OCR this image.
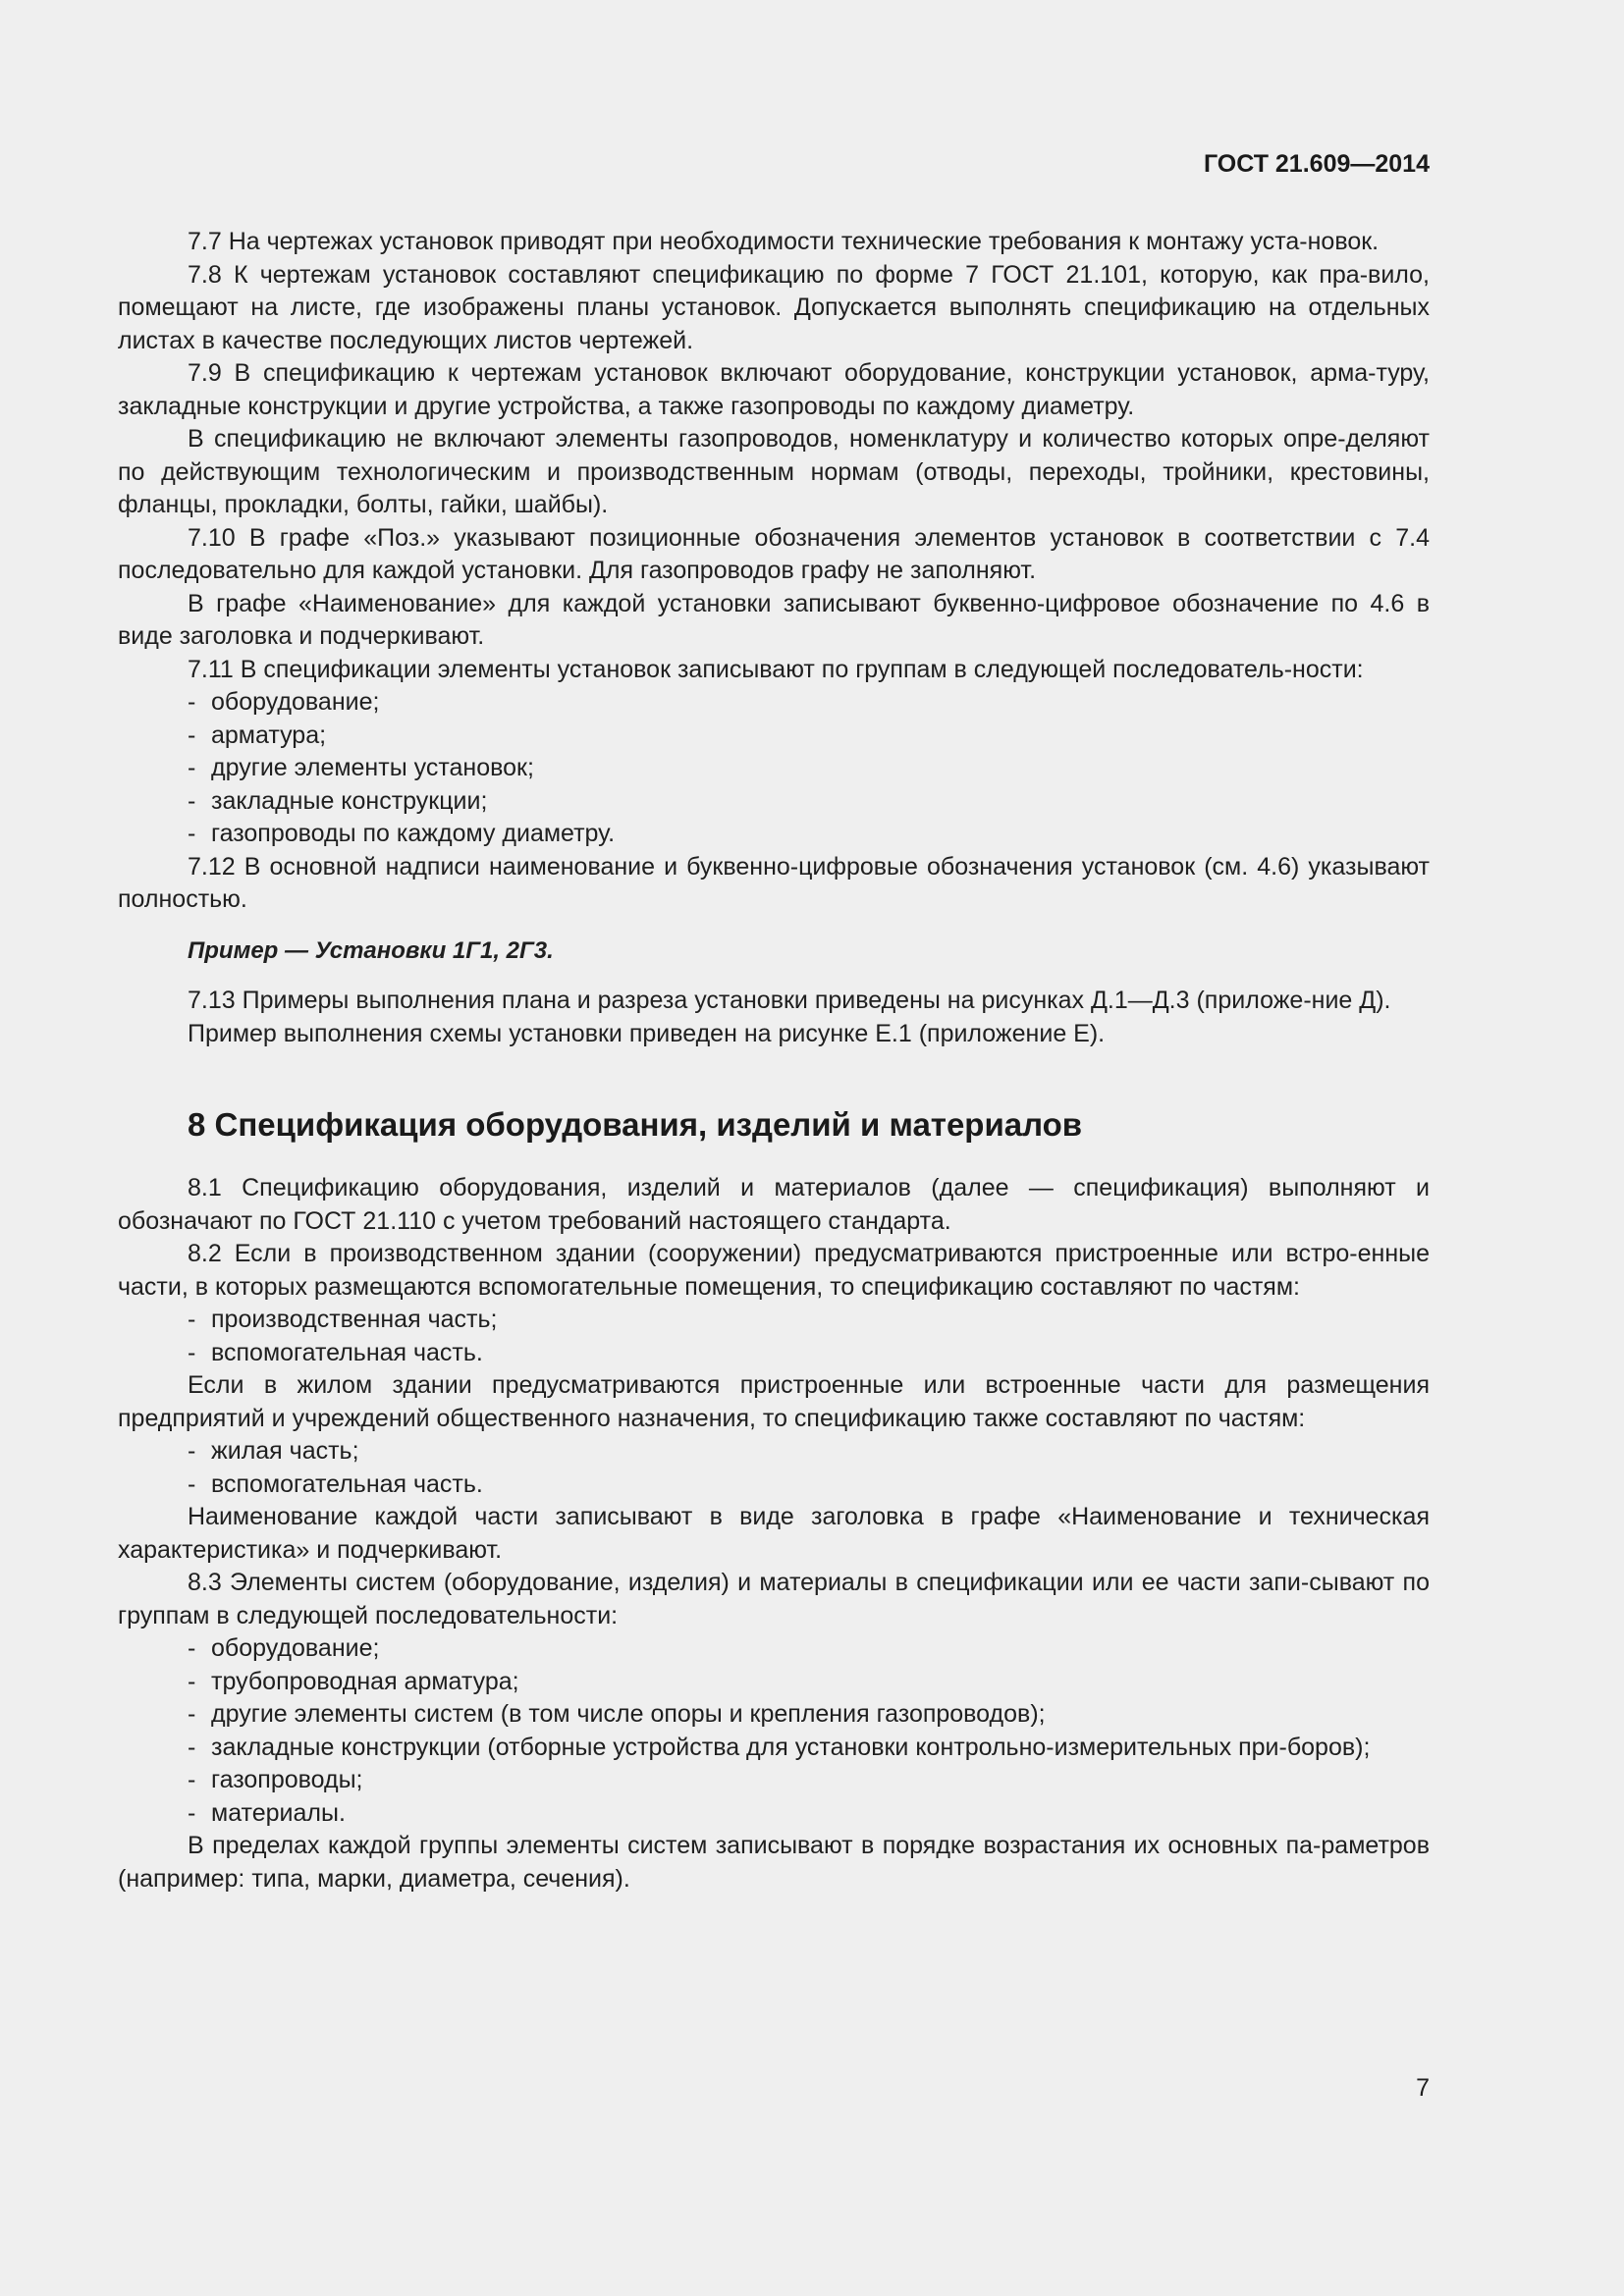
ГОСТ 21.609—2014

7.7 На чертежах установок приводят при необходимости технические требования к монтажу уста-новок.

7.8 К чертежам установок составляют спецификацию по форме 7 ГОСТ 21.101, которую, как пра-вило, помещают на листе, где изображены планы установок. Допускается выполнять спецификацию на отдельных листах в качестве последующих листов чертежей.

7.9 В спецификацию к чертежам установок включают оборудование, конструкции установок, арма-туру, закладные конструкции и другие устройства, а также газопроводы по каждому диаметру.

В спецификацию не включают элементы газопроводов, номенклатуру и количество которых опре-деляют по действующим технологическим и производственным нормам (отводы, переходы, тройники, крестовины, фланцы, прокладки, болты, гайки, шайбы).

7.10 В графе «Поз.» указывают позиционные обозначения элементов установок в соответствии с 7.4 последовательно для каждой установки. Для газопроводов графу не заполняют.

В графе «Наименование» для каждой установки записывают буквенно-цифровое обозначение по 4.6 в виде заголовка и подчеркивают.

7.11 В спецификации элементы установок записывают по группам в следующей последователь-ности:

- оборудование;
- арматура;
- другие элементы установок;
- закладные конструкции;
- газопроводы по каждому диаметру.

7.12 В основной надписи наименование и буквенно-цифровые обозначения установок (см. 4.6) указывают полностью.

Пример — Установки 1Г1, 2Г3.

7.13 Примеры выполнения плана и разреза установки приведены на рисунках Д.1—Д.3 (приложе-ние Д).

Пример выполнения схемы установки приведен на рисунке Е.1 (приложение Е).

8 Спецификация оборудования, изделий и материалов

8.1 Спецификацию оборудования, изделий и материалов (далее — спецификация) выполняют и обозначают по ГОСТ 21.110 с учетом требований настоящего стандарта.

8.2 Если в производственном здании (сооружении) предусматриваются пристроенные или встро-енные части, в которых размещаются вспомогательные помещения, то спецификацию составляют по частям:

- производственная часть;
- вспомогательная часть.

Если в жилом здании предусматриваются пристроенные или встроенные части для размещения предприятий и учреждений общественного назначения, то спецификацию также составляют по частям:

- жилая часть;
- вспомогательная часть.

Наименование каждой части записывают в виде заголовка в графе «Наименование и техническая характеристика» и подчеркивают.

8.3 Элементы систем (оборудование, изделия) и материалы в спецификации или ее части запи-сывают по группам в следующей последовательности:

- оборудование;
- трубопроводная арматура;
- другие элементы систем (в том числе опоры и крепления газопроводов);
- закладные конструкции (отборные устройства для установки контрольно-измерительных при-боров);
- газопроводы;
- материалы.

В пределах каждой группы элементы систем записывают в порядке возрастания их основных па-раметров (например: типа, марки, диаметра, сечения).

7
